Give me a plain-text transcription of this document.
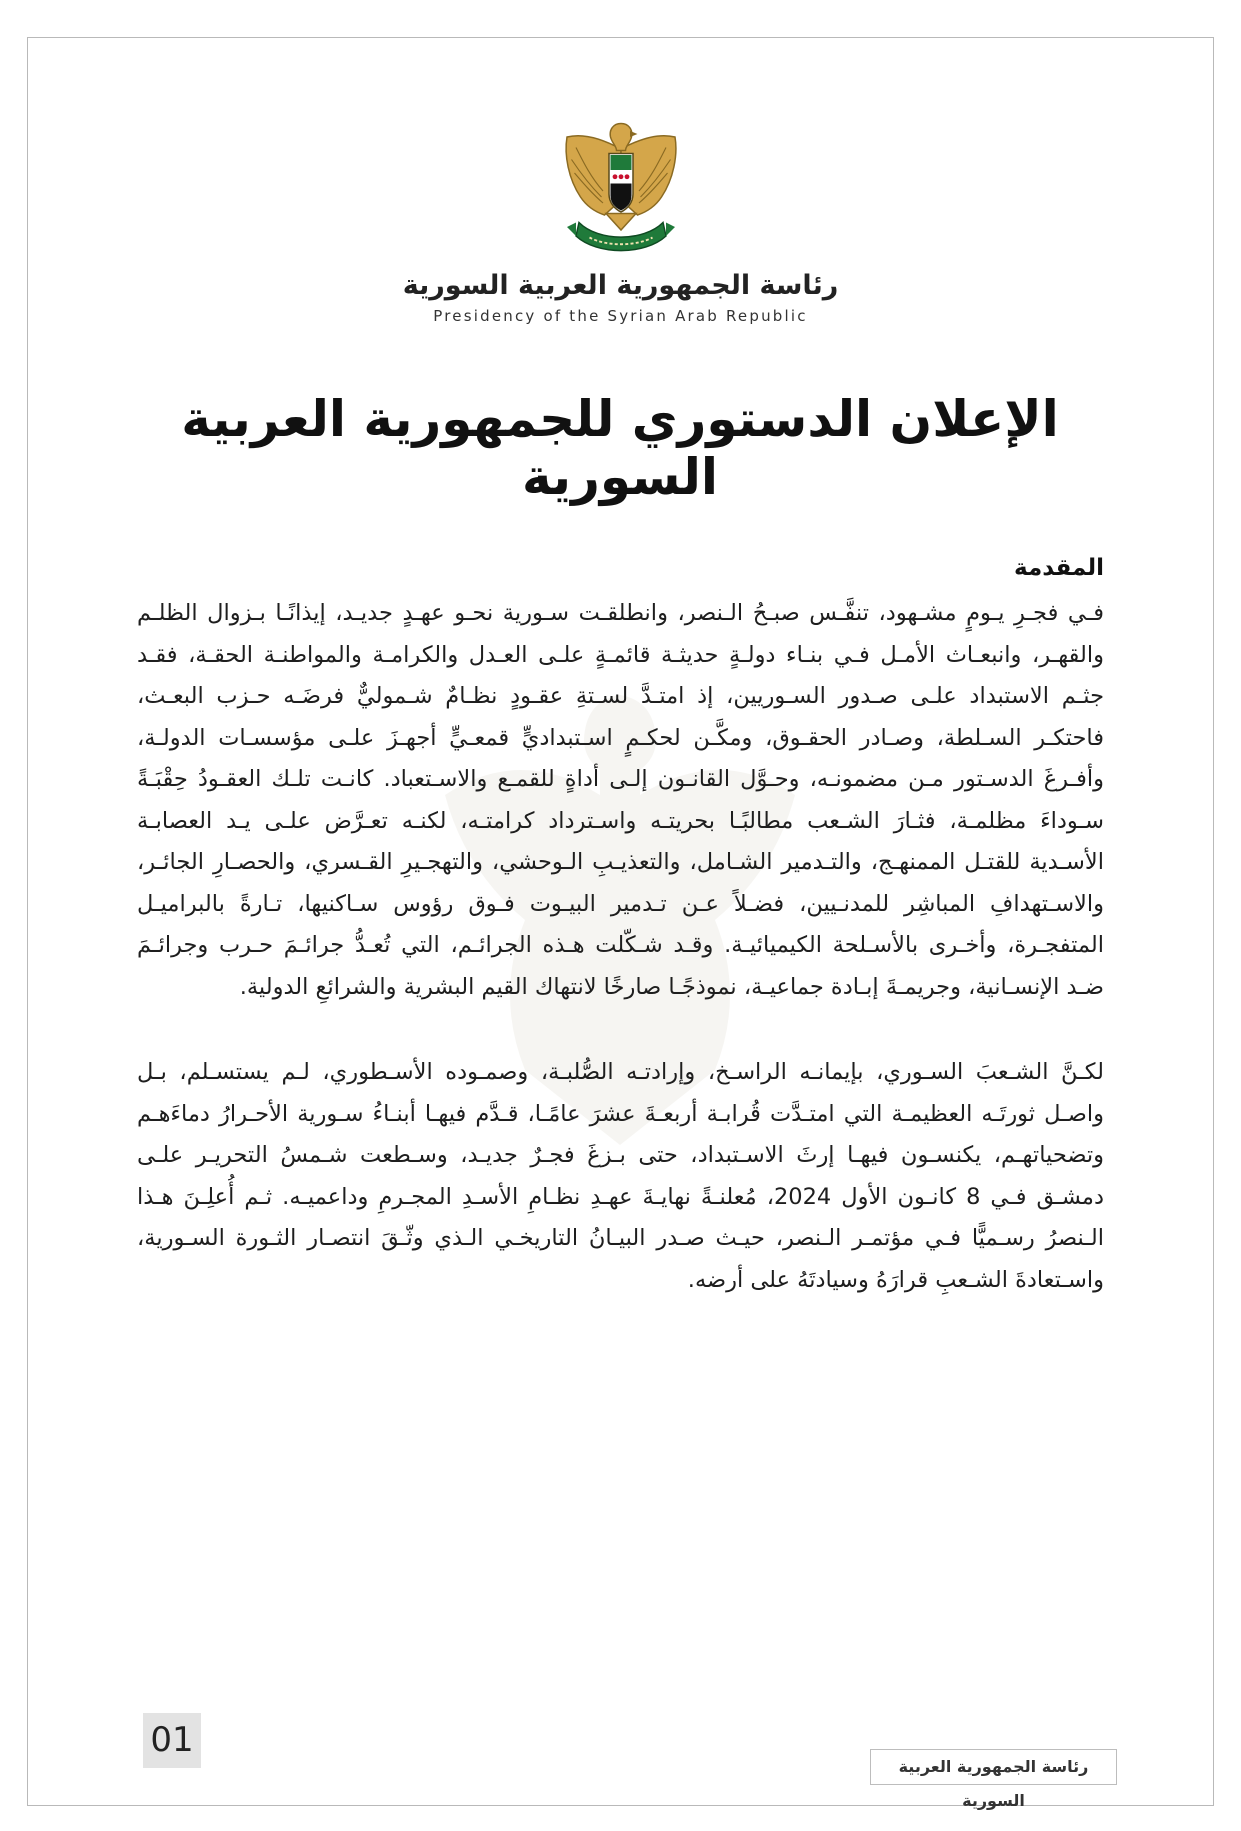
رئاسة الجمهورية العربية السورية
Presidency of the Syrian Arab Republic
الإعلان الدستوري للجمهورية العربية السورية
المقدمة

فـي فجـرِ يـومٍ مشـهود، تنفَّـس صبـحُ الـنصر، وانطلقـت سـورية نحـو عهـدٍ جديـد، إيذانًـا بـزوال الظلـم والقهـر، وانبعـاث الأمـل فـي بنـاء دولـةٍ حديثـة قائمـةٍ علـى العـدل والكرامـة والمواطنـة الحقـة، فقـد جثـم الاستبداد علـى صـدور السـوريين، إذ امتـدَّ لسـتةِ عقـودٍ نظـامٌ شـموليٌّ فرضَـه حـزب البعـث، فاحتكـر السـلطة، وصـادر الحقـوق، ومكَّـن لحكـمٍ اسـتبداديٍّ قمعـيٍّ أجهـزَ علـى مؤسسـات الدولـة، وأفـرغَ الدسـتور مـن مضمونـه، وحـوَّل القانـون إلـى أداةٍ للقمـع والاسـتعباد. كانـت تلـك العقـودُ حِقْبَـةً سـوداءَ مظلمـة، فثـارَ الشـعب مطالبًـا بحريتـه واسـترداد كرامتـه، لكنـه تعـرَّض علـى يـد العصابـة الأسـدية للقتـل الممنهـج، والتـدمير الشـامل، والتعذيـبِ الـوحشي، والتهجـيرِ القـسري، والحصـارِ الجائـر، والاسـتهدافِ المباشِر للمدنـيين، فضـلاً عـن تـدمير البيـوت فـوق رؤوس سـاكنيها، تـارةً بالبراميـل المتفجـرة، وأخـرى بالأسـلحة الكيميائيـة. وقـد شـكّلت هـذه الجرائـم، التي تُعـدُّ جرائـمَ حـرب وجرائـمَ ضـد الإنسـانية، وجريمـةَ إبـادة جماعيـة، نموذجًـا صارخًا لانتهاك القيم البشرية والشرائعِ الدولية.

لكـنَّ الشـعبَ السـوري، بإيمانـه الراسـخ، وإرادتـه الصُّلبـة، وصمـوده الأسـطوري، لـم يستسـلم، بـل واصـل ثورتَـه العظيمـة التي امتـدَّت قُرابـة أربعـةَ عشرَ عامًـا، قـدَّم فيهـا أبنـاءُ سـورية الأحـرارُ دماءَهـم وتضحياتهـم، يكنسـون فيهـا إرثَ الاسـتبداد، حتى بـزغَ فجـرٌ جديـد، وسـطعت شـمسُ التحريـر علـى دمشـق فـي 8 كانـون الأول 2024، مُعلنـةً نهايـةَ عهـدِ نظـامِ الأسـدِ المجـرمِ وداعميـه. ثـم أُعلِـنَ هـذا الـنصرُ رسـميًّا فـي مؤتمـر الـنصر، حيـث صـدر البيـانُ التاريخـي الـذي وثّـقَ انتصـار الثـورة السـورية، واسـتعادةَ الشـعبِ قرارَهُ وسيادتَهُ على أرضه.

01
رئاسة الجمهورية العربية السورية
